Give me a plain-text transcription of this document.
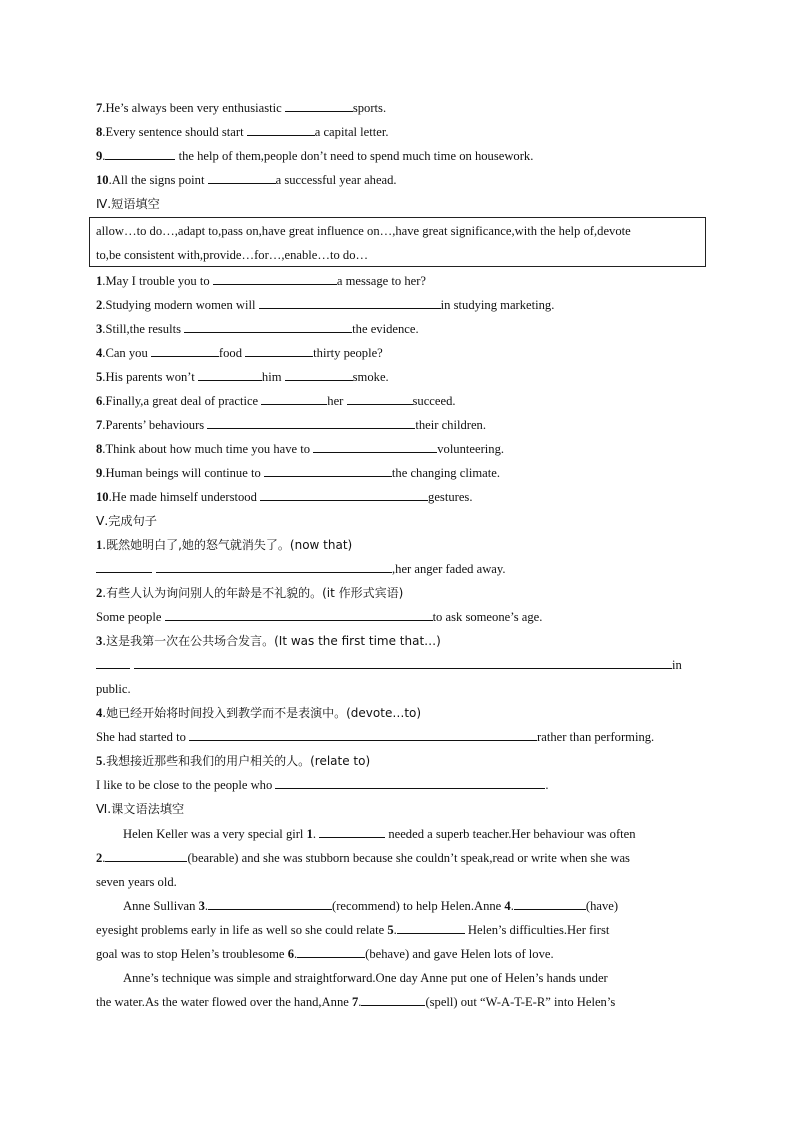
7.He’s always been very enthusiastic	sports.
8.Every sentence should start	a capital letter.
9.	the help of them,people don’t need to spend much time on housework.
10.All the signs point	a successful year ahead.
Ⅳ.短语填空
allow…to do…,adapt to,pass on,have great influence on…,have great significance,with the help of,devote
to,be consistent with,provide…for…,enable…to do…
1.May I trouble you to	a message to her?
2.Studying modern women will	in studying marketing.
3.Still,the results	the evidence.
4.Can you	food	thirty people?
5.His parents won’t	him	smoke.
6.Finally,a great deal of practice	her	succeed.
7.Parents’ behaviours	their children.
8.Think about how much time you have to	volunteering.
9.Human beings will continue to	the changing climate.
10.He made himself understood	gestures.
Ⅴ.完成句子
1.既然她明白了,她的怒气就消失了。(now that)
,her anger faded away.
2.有些人认为询问别人的年龄是不礼貌的。(it 作形式宾语)
Some people	to ask someone’s age.
3.这是我第一次在公共场合发言。(It was the first time that…)
in
public.
4.她已经开始将时间投入到教学而不是表演中。(devote…to)
She had started to	rather than performing.
5.我想接近那些和我们的用户相关的人。(relate to)
I like to be close to the people who	.
Ⅵ.课文语法填空
Helen Keller was a very special girl 1.	needed a superb teacher.Her behaviour was often
2.	(bearable) and she was stubborn because she couldn’t speak,read or write when she was
seven years old.
Anne Sullivan 3.	(recommend) to help Helen.Anne 4.	(have)
eyesight problems early in life as well so she could relate 5.	Helen’s difficulties.Her first
goal was to stop Helen’s troublesome 6.	(behave) and gave Helen lots of love.
Anne’s technique was simple and straightforward.One day Anne put one of Helen’s hands under
the water.As the water flowed over the hand,Anne 7.	(spell) out “W-A-T-E-R” into Helen’s
